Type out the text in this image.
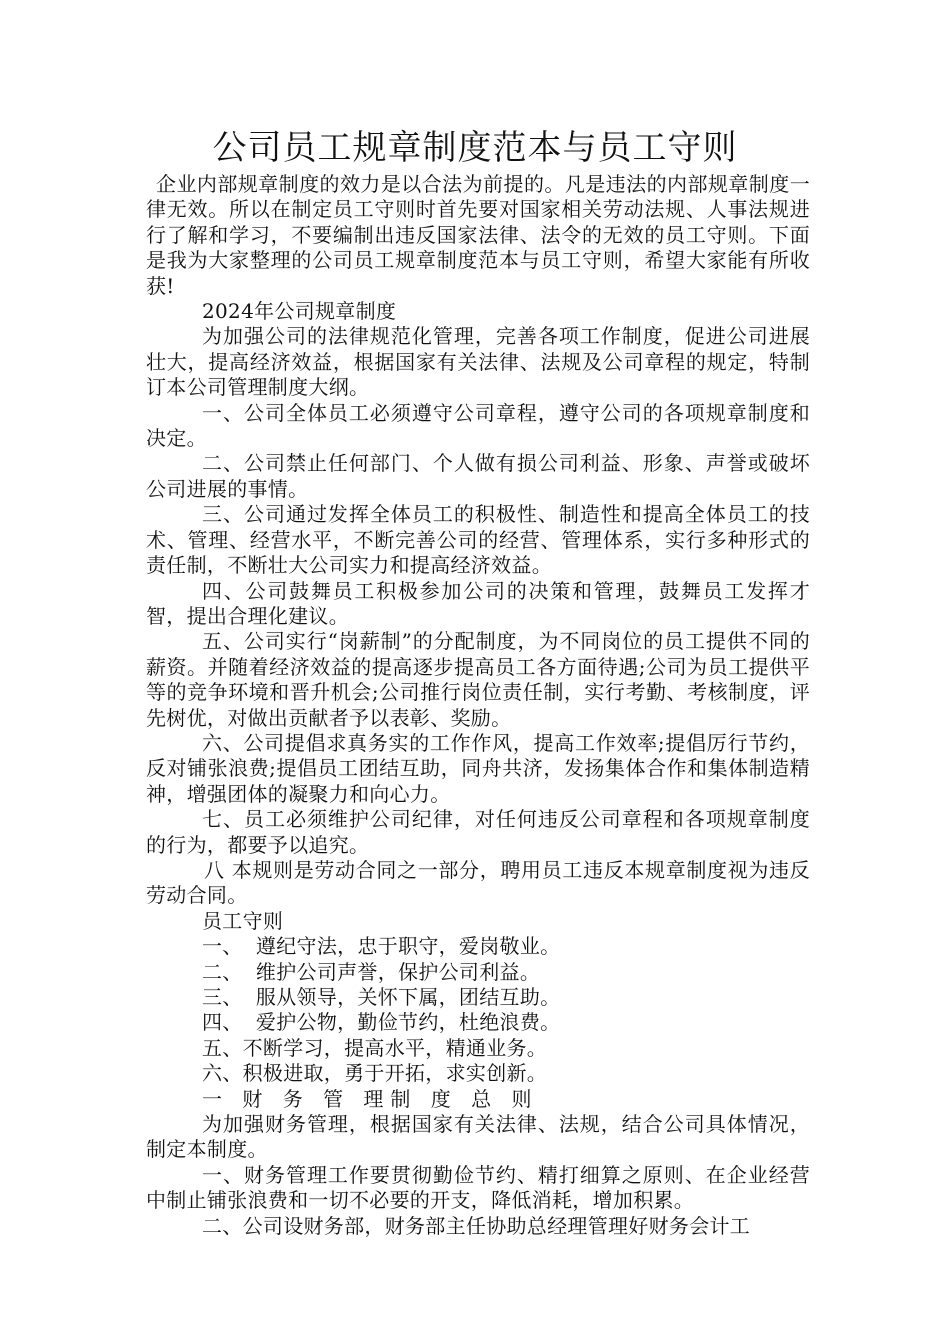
公司员工规章制度范本与员工守则

企业内部规章制度的效力是以合法为前提的。凡是违法的内部规章制度一律无效。所以在制定员工守则时首先要对国家相关劳动法规、人事法规进行了解和学习，不要编制出违反国家法律、法令的无效的员工守则。下面是我为大家整理的公司员工规章制度范本与员工守则，希望大家能有所收获!

2024年公司规章制度

为加强公司的法律规范化管理，完善各项工作制度，促进公司进展壮大，提高经济效益，根据国家有关法律、法规及公司章程的规定，特制订本公司管理制度大纲。

一、公司全体员工必须遵守公司章程，遵守公司的各项规章制度和决定。

二、公司禁止任何部门、个人做有损公司利益、形象、声誉或破坏公司进展的事情。

三、公司通过发挥全体员工的积极性、制造性和提高全体员工的技术、管理、经营水平，不断完善公司的经营、管理体系，实行多种形式的责任制，不断壮大公司实力和提高经济效益。

四、公司鼓舞员工积极参加公司的决策和管理，鼓舞员工发挥才智，提出合理化建议。

五、公司实行“岗薪制”的分配制度，为不同岗位的员工提供不同的薪资。并随着经济效益的提高逐步提高员工各方面待遇;公司为员工提供平等的竞争环境和晋升机会;公司推行岗位责任制，实行考勤、考核制度，评先树优，对做出贡献者予以表彰、奖励。

六、公司提倡求真务实的工作作风，提高工作效率;提倡厉行节约，反对铺张浪费;提倡员工团结互助，同舟共济，发扬集体合作和集体制造精神，增强团体的凝聚力和向心力。

七、员工必须维护公司纪律，对任何违反公司章程和各项规章制度的行为，都要予以追究。

八 本规则是劳动合同之一部分，聘用员工违反本规章制度视为违反劳动合同。

员工守则

一、  遵纪守法，忠于职守，爱岗敬业。

二、  维护公司声誉，保护公司利益。

三、  服从领导，关怀下属，团结互助。

四、  爱护公物，勤俭节约，杜绝浪费。

五、不断学习，提高水平，精通业务。

六、积极进取，勇于开拓，求实创新。

一 财 务 管 理制 度 总 则

为加强财务管理，根据国家有关法律、法规，结合公司具体情况，制定本制度。

一、财务管理工作要贯彻勤俭节约、精打细算之原则、在企业经营中制止铺张浪费和一切不必要的开支，降低消耗，增加积累。

二、公司设财务部，财务部主任协助总经理管理好财务会计工
